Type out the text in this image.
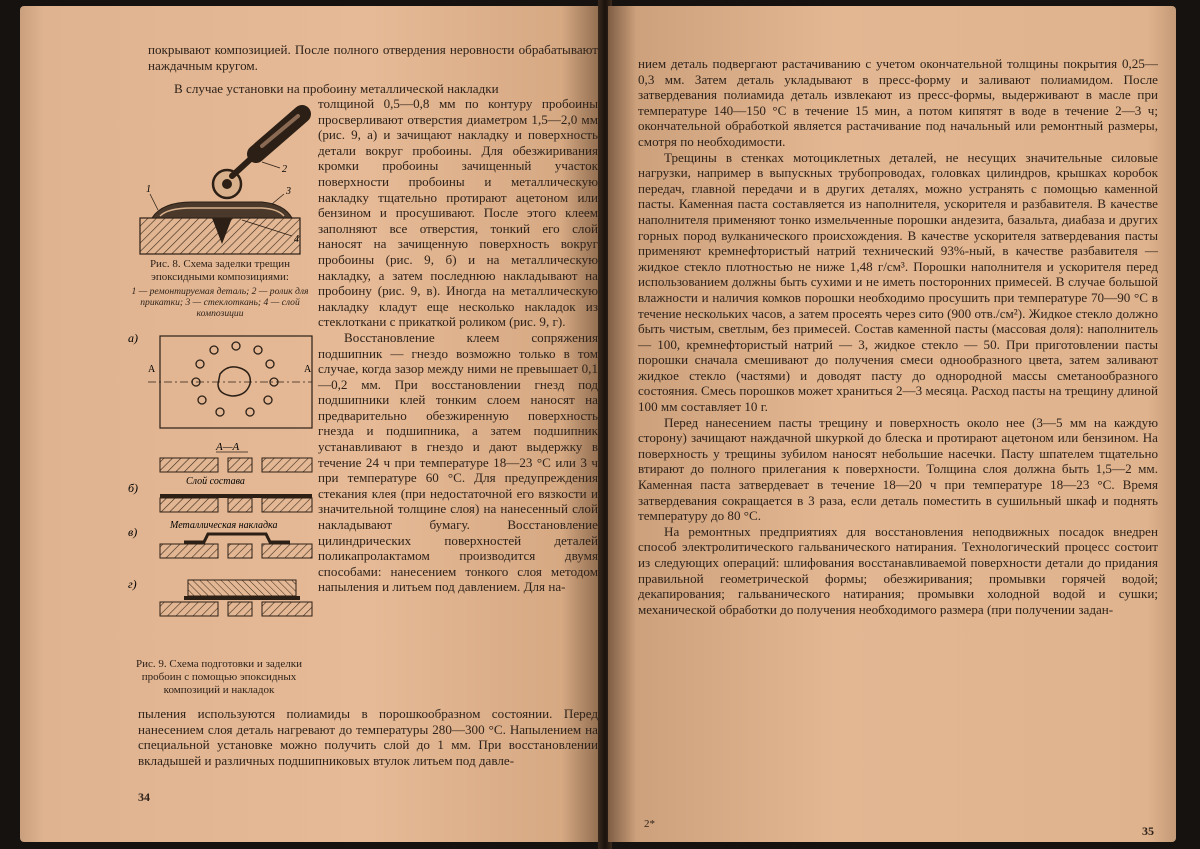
покрывают композицией. После полного отвердения неровности обрабатывают наждачным кругом.

В случае установки на пробоину металлической накладки

1
2
3
4
Рис. 8. Схема заделки трещин эпоксидными композициями:
1 — ремонтируемая деталь; 2 — ролик для прикатки; 3 — стеклоткань; 4 — слой композиции

толщиной 0,5—0,8 мм по контуру пробоины просверливают отверстия диаметром 1,5—2,0 мм (рис. 9, а) и зачищают накладку и поверхность детали вокруг пробоины. Для обезжиривания кромки пробоины зачищенный участок поверхности пробоины и металлическую накладку тщательно протирают ацетоном или бензином и просушивают. После этого клеем заполняют все отверстия, тонкий его слой наносят на зачищенную поверхность вокруг пробоины (рис. 9, б) и на металлическую накладку, а затем последнюю накладывают на пробоину (рис. 9, в). Иногда на металлическую накладку кладут еще несколько накладок из стеклоткани с прикаткой роликом (рис. 9, г).

Восстановление клеем сопряжения подшипник — гнездо возможно только в том случае, когда зазор между ними не превышает 0,1—0,2 мм. При восстановлении гнезд под подшипники клей тонким слоем наносят на предварительно обезжиренную поверхность гнезда и подшипника, а затем подшипник устанавливают в гнездо и дают выдержку в течение 24 ч при температуре 18—23 °С или 3 ч при температуре 60 °С. Для предупреждения стекания клея (при недостаточной его вязкости и значительной толщине слоя) на нанесенный слой накладывают бумагу. Восстановление цилиндрических поверхностей деталей поликапролактамом производится двумя способами: нанесением тонкого слоя методом напыления и литьем под давлением. Для на-

а)
А	А
А—А
б)	Слой состава
в)	Металлическая накладка
г)
Рис. 9. Схема подготовки и заделки пробоин с помощью эпоксидных композиций и накладок

пыления используются полиамиды в порошкообразном состоянии. Перед нанесением слоя деталь нагревают до температуры 280—300 °С. Напылением на специальной установке можно получить слой до 1 мм. При восстановлении вкладышей и различных подшипниковых втулок литьем под давле-

34

нием деталь подвергают растачиванию с учетом окончательной толщины покрытия 0,25—0,3 мм. Затем деталь укладывают в пресс-форму и заливают полиамидом. После затвердевания полиамида деталь извлекают из пресс-формы, выдерживают в масле при температуре 140—150 °С в течение 15 мин, а потом кипятят в воде в течение 2—3 ч; окончательной обработкой является растачивание под начальный или ремонтный размеры, смотря по необходимости.

Трещины в стенках мотоциклетных деталей, не несущих значительные силовые нагрузки, например в выпускных трубопроводах, головках цилиндров, крышках коробок передач, главной передачи и в других деталях, можно устранять с помощью каменной пасты. Каменная паста составляется из наполнителя, ускорителя и разбавителя. В качестве наполнителя применяют тонко измельченные порошки андезита, базальта, диабаза и других горных пород вулканического происхождения. В качестве ускорителя затвердевания пасты применяют кремнефтористый натрий технический 93%-ный, в качестве разбавителя — жидкое стекло плотностью не ниже 1,48 г/см³. Порошки наполнителя и ускорителя перед использованием должны быть сухими и не иметь посторонних примесей. В случае большой влажности и наличия комков порошки необходимо просушить при температуре 70—90 °С в течение нескольких часов, а затем просеять через сито (900 отв./см²). Жидкое стекло должно быть чистым, светлым, без примесей. Состав каменной пасты (массовая доля): наполнитель — 100, кремнефтористый натрий — 3, жидкое стекло — 50. При приготовлении пасты порошки сначала смешивают до получения смеси однообразного цвета, затем заливают жидкое стекло (частями) и доводят пасту до однородной массы сметанообразного состояния. Смесь порошков может храниться 2—3 месяца. Расход пасты на трещину длиной 100 мм составляет 10 г.

Перед нанесением пасты трещину и поверхность около нее (3—5 мм на каждую сторону) зачищают наждачной шкуркой до блеска и протирают ацетоном или бензином. На поверхность у трещины зубилом наносят небольшие насечки. Пасту шпателем тщательно втирают до полного прилегания к поверхности. Толщина слоя должна быть 1,5—2 мм. Каменная паста затвердевает в течение 18—20 ч при температуре 18—23 °С. Время затвердевания сокращается в 3 раза, если деталь поместить в сушильный шкаф и поднять температуру до 80 °С.

На ремонтных предприятиях для восстановления неподвижных посадок внедрен способ электролитического гальванического натирания. Технологический процесс состоит из следующих операций: шлифования восстанавливаемой поверхности детали до придания правильной геометрической формы; обезжиривания; промывки горячей водой; декапирования; гальванического натирания; промывки холодной водой и сушки; механической обработки до получения необходимого размера (при получении задан-

2*	35
